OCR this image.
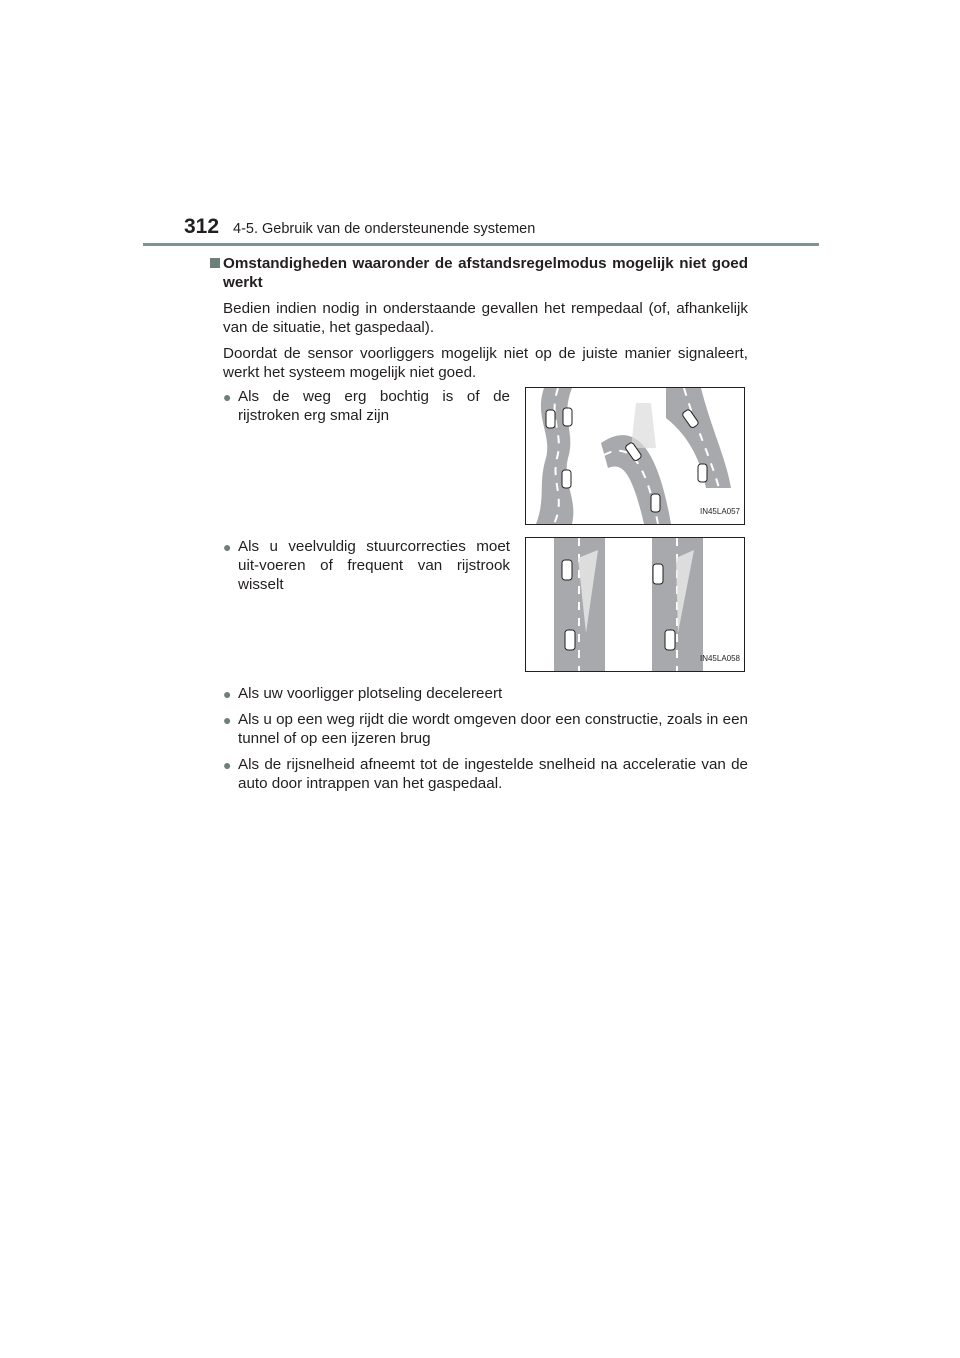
312 4-5. Gebruik van de ondersteunende systemen

Omstandigheden waaronder de afstandsregelmodus mogelijk niet goed werkt

Bedien indien nodig in onderstaande gevallen het rempedaal (of, afhankelijk van de situatie, het gaspedaal).

Doordat de sensor voorliggers mogelijk niet op de juiste manier signaleert, werkt het systeem mogelijk niet goed.

● Als de weg erg bochtig is of de rijstroken erg smal zijn
IN45LA057
● Als u veelvuldig stuurcorrecties moet uit-voeren of frequent van rijstrook wisselt
IN45LA058
● Als uw voorligger plotseling decelereert
● Als u op een weg rijdt die wordt omgeven door een constructie, zoals in een tunnel of op een ijzeren brug
● Als de rijsnelheid afneemt tot de ingestelde snelheid na acceleratie van de auto door intrappen van het gaspedaal.
